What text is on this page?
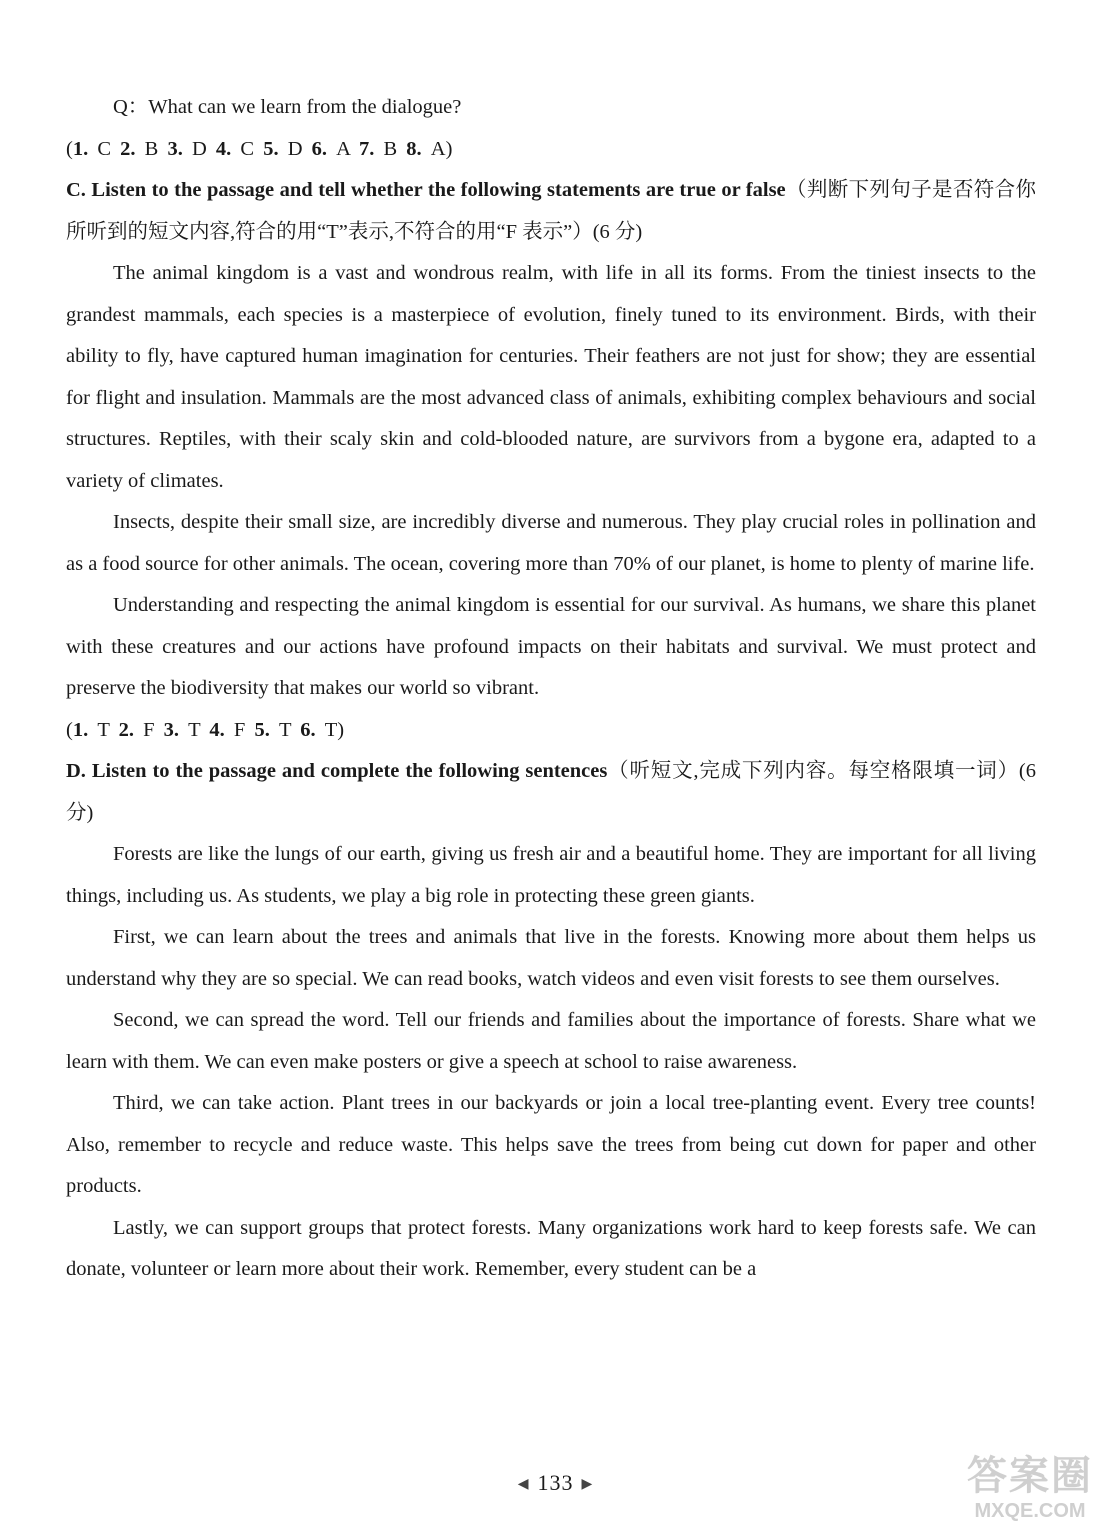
Q：What can we learn from the dialogue?

(1. C 2. B 3. D 4. C 5. D 6. A 7. B 8. A)

C. Listen to the passage and tell whether the following statements are true or false（判断下列句子是否符合你所听到的短文内容,符合的用“T”表示,不符合的用“F 表示”）(6 分)

The animal kingdom is a vast and wondrous realm, with life in all its forms. From the tiniest insects to the grandest mammals, each species is a masterpiece of evolution, finely tuned to its environment. Birds, with their ability to fly, have captured human imagination for centuries. Their feathers are not just for show; they are essential for flight and insulation. Mammals are the most advanced class of animals, exhibiting complex behaviours and social structures. Reptiles, with their scaly skin and cold-blooded nature, are survivors from a bygone era, adapted to a variety of climates.

Insects, despite their small size, are incredibly diverse and numerous. They play crucial roles in pollination and as a food source for other animals. The ocean, covering more than 70% of our planet, is home to plenty of marine life.

Understanding and respecting the animal kingdom is essential for our survival. As humans, we share this planet with these creatures and our actions have profound impacts on their habitats and survival. We must protect and preserve the biodiversity that makes our world so vibrant.

(1. T 2. F 3. T 4. F 5. T 6. T)

D. Listen to the passage and complete the following sentences（听短文,完成下列内容。每空格限填一词）(6 分)

Forests are like the lungs of our earth, giving us fresh air and a beautiful home. They are important for all living things, including us. As students, we play a big role in protecting these green giants.

First, we can learn about the trees and animals that live in the forests. Knowing more about them helps us understand why they are so special. We can read books, watch videos and even visit forests to see them ourselves.

Second, we can spread the word. Tell our friends and families about the importance of forests. Share what we learn with them. We can even make posters or give a speech at school to raise awareness.

Third, we can take action. Plant trees in our backyards or join a local tree-planting event. Every tree counts! Also, remember to recycle and reduce waste. This helps save the trees from being cut down for paper and other products.

Lastly, we can support groups that protect forests. Many organizations work hard to keep forests safe. We can donate, volunteer or learn more about their work. Remember, every student can be a

◀ 133 ▶	答案圈
MXQE.COM
